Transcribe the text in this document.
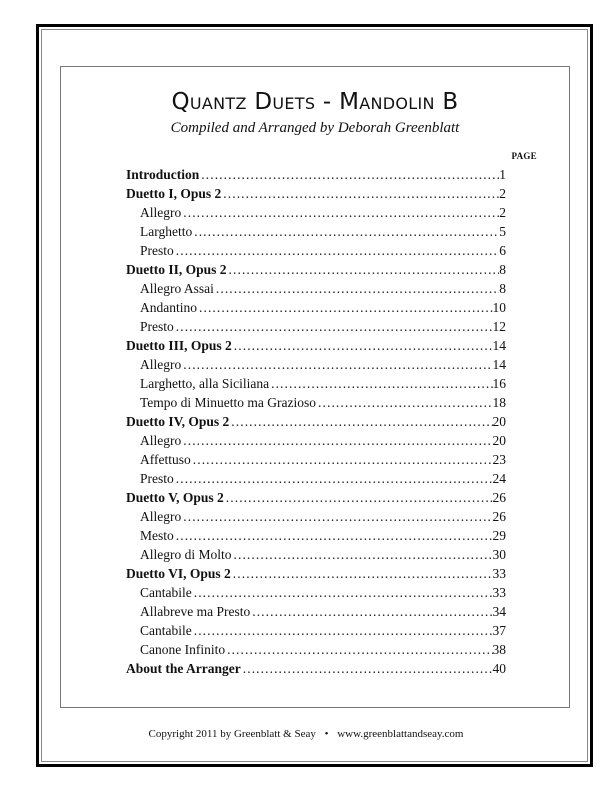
Quantz Duets - Mandolin B
Compiled and Arranged by Deborah Greenblatt
PAGE
Introduction .....	1
Duetto I, Opus 2 .....	2
Allegro .....	2
Larghetto .....	5
Presto .....	6
Duetto II, Opus 2 .....	8
Allegro Assai .....	8
Andantino .....	10
Presto .....	12
Duetto III, Opus 2 .....	14
Allegro .....	14
Larghetto, alla Siciliana .....	16
Tempo di Minuetto ma Grazioso .....	18
Duetto IV, Opus 2 .....	20
Allegro .....	20
Affettuso .....	23
Presto .....	24
Duetto V, Opus 2 .....	26
Allegro .....	26
Mesto .....	29
Allegro di Molto .....	30
Duetto VI, Opus 2 .....	33
Cantabile .....	33
Allabreve ma Presto .....	34
Cantabile .....	37
Canone Infinito .....	38
About the Arranger .....	40
Copyright 2011 by Greenblatt & Seay • www.greenblattandseay.com
